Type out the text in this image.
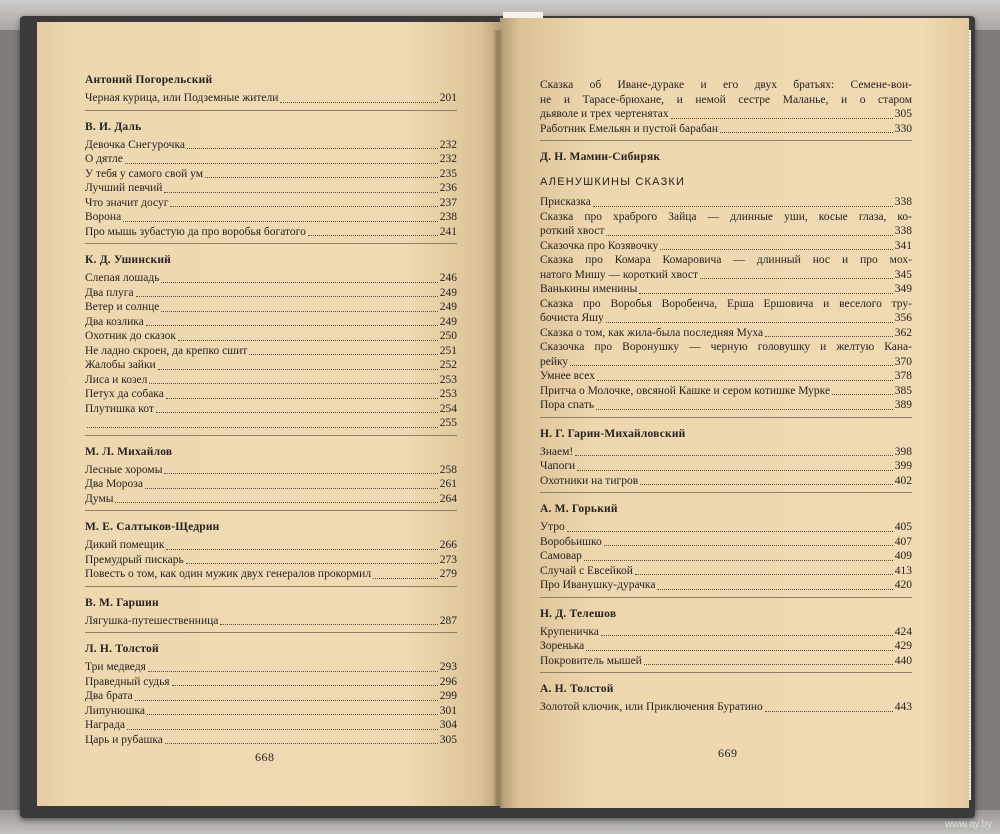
Антоний Погорельский
Черная курица, или Подземные жители	201
В. И. Даль
Девочка Снегурочка	232
О дятле	232
У тебя у самого свой ум	235
Лучший певчий	236
Что значит досуг	237
Ворона	238
Про мышь зубастую да про воробья богатого	241
К. Д. Ушинский
Слепая лошадь	246
Два плуга	249
Ветер и солнце	249
Два козлика	249
Охотник до сказок	250
Не ладно скроен, да крепко сшит	251
Жалобы зайки	252
Лиса и козел	253
Петух да собака	253
Плутишка кот	254
255
М. Л. Михайлов
Лесные хоромы	258
Два Мороза	261
Думы	264
М. Е. Салтыков-Щедрин
Дикий помещик	266
Премудрый пискарь	273
Повесть о том, как один мужик двух генералов прокормил	279
В. М. Гаршин
Лягушка-путешественница	287
Л. Н. Толстой
Три медведя	293
Праведный судья	296
Два брата	299
Липунюшка	301
Награда	304
Царь и рубашка	305
668
Сказка об Иване-дураке и его двух братьях: Семене-вои-
не и Тарасе-брюхане, и немой сестре Маланье, и о старом
дьяволе и трех чертенятах	305
Работник Емельян и пустой барабан	330
Д. Н. Мамин-Сибиряк
АЛЕНУШКИНЫ СКАЗКИ
Присказка	338
Сказка про храброго Зайца — длинные уши, косые глаза, ко-
роткий хвост	338
Сказочка про Козявочку	341
Сказка про Комара Комаровича — длинный нос и про мох-
натого Мишу — короткий хвост	345
Ванькины именины	349
Сказка про Воробья Воробеича, Ерша Ершовича и веселого тру-
бочиста Яшу	356
Сказка о том, как жила-была последняя Муха	362
Сказочка про Воронушку — черную головушку и желтую Кана-
рейку	370
Умнее всех	378
Притча о Молочке, овсяной Кашке и сером котишке Мурке	385
Пора спать	389
Н. Г. Гарин-Михайловский
Знаем!	398
Чапоги	399
Охотники на тигров	402
А. М. Горький
Утро	405
Воробьишко	407
Самовар	409
Случай с Евсейкой	413
Про Иванушку-дурачка	420
Н. Д. Телешов
Крупеничка	424
Зоренька	429
Покровитель мышей	440
А. Н. Толстой
Золотой ключик, или Приключения Буратино	443
669
www.ay.by
